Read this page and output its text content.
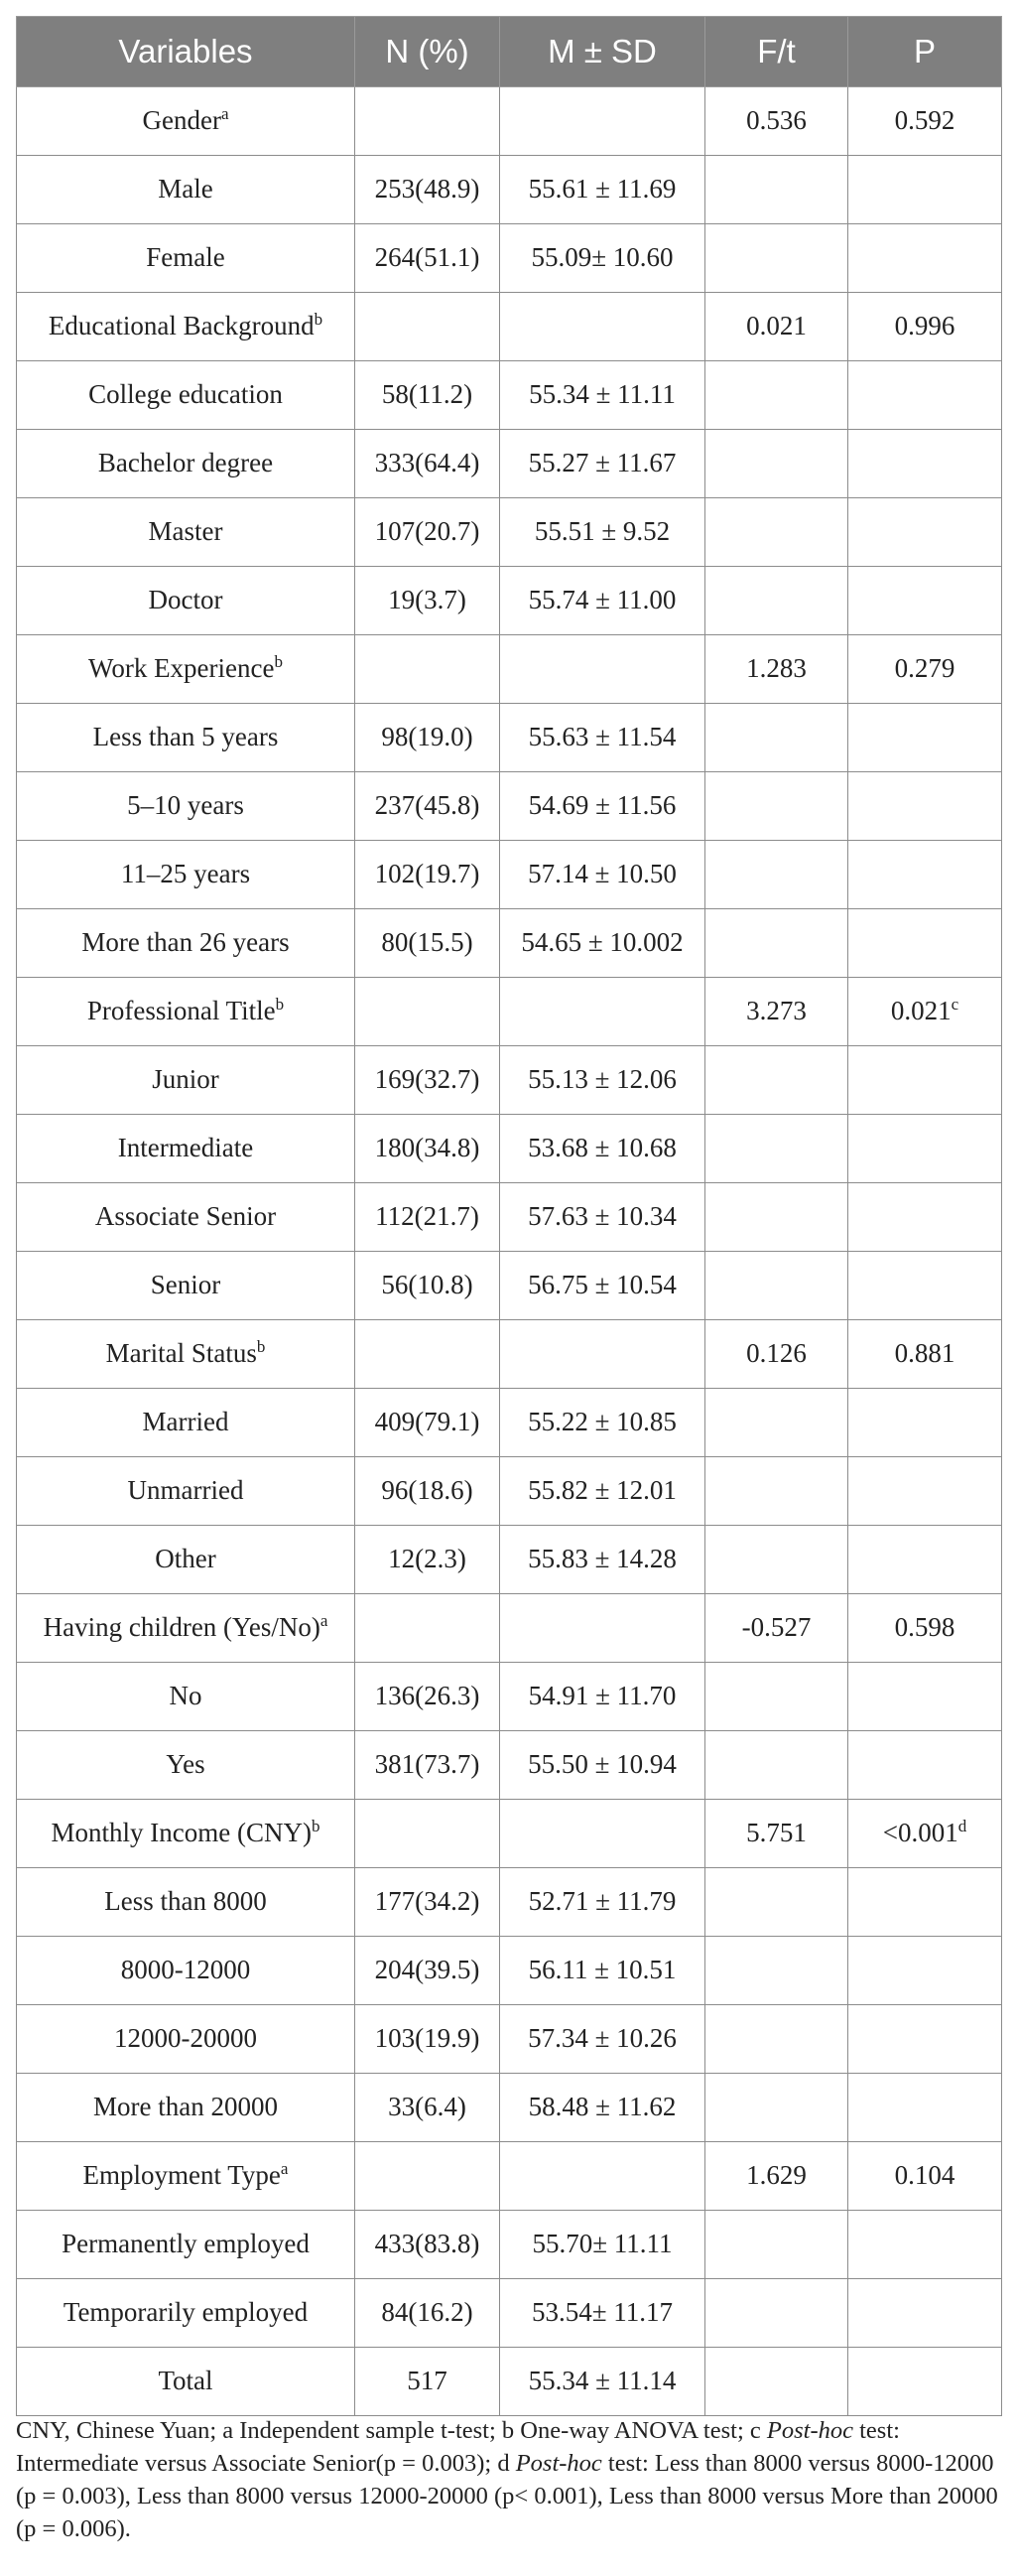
Variables	N (%)	M ± SD	F/t	P
Gender$^a$			0.536	0.592
Male	253(48.9)	55.61 ± 11.69		
Female	264(51.1)	55.09± 10.60		
Educational Background$^b$			0.021	0.996
College education	58(11.2)	55.34 ± 11.11		
Bachelor degree	333(64.4)	55.27 ± 11.67		
Master	107(20.7)	55.51 ± 9.52		
Doctor	19(3.7)	55.74 ± 11.00		
Work Experience$^b$			1.283	0.279
Less than 5 years	98(19.0)	55.63 ± 11.54		
5–10 years	237(45.8)	54.69 ± 11.56		
11–25 years	102(19.7)	57.14 ± 10.50		
More than 26 years	80(15.5)	54.65 ± 10.002		
Professional Title$^b$			3.273	0.021$^c$
Junior	169(32.7)	55.13 ± 12.06		
Intermediate	180(34.8)	53.68 ± 10.68		
Associate Senior	112(21.7)	57.63 ± 10.34		
Senior	56(10.8)	56.75 ± 10.54		
Marital Status$^b$			0.126	0.881
Married	409(79.1)	55.22 ± 10.85		
Unmarried	96(18.6)	55.82 ± 12.01		
Other	12(2.3)	55.83 ± 14.28		
Having children $(Yes/No)^a$			-0.527	0.598
No	136(26.3)	54.91 ± 11.70		
Yes	381(73.7)	55.50 ± 10.94		
Monthly Income (CNY)$^b$			5.751	<0.001$^d$
Less than 8000	177(34.2)	52.71 ± 11.79		
8000-12000	204(39.5)	56.11 ± 10.51		
12000-20000	103(19.9)	57.34 ± 10.26		
More than 20000	33(6.4)	58.48 ± 11.62		
Employment Type$^a$			1.629	0.104
Permanently employed	433(83.8)	55.70± 11.11		
Temporarily employed	84(16.2)	53.54± 11.17		
Total	517	55.34 ± 11.14		

CNY, Chinese Yuan; a Independent sample t-test; b One-way ANOVA test; c Post-hoc test: Intermediate versus Associate Senior(p = 0.003); d Post-hoc test: Less than 8000 versus 8000-12000 (p = 0.003), Less than 8000 versus 12000-20000 (p< 0.001), Less than 8000 versus More than 20000 (p = 0.006).
